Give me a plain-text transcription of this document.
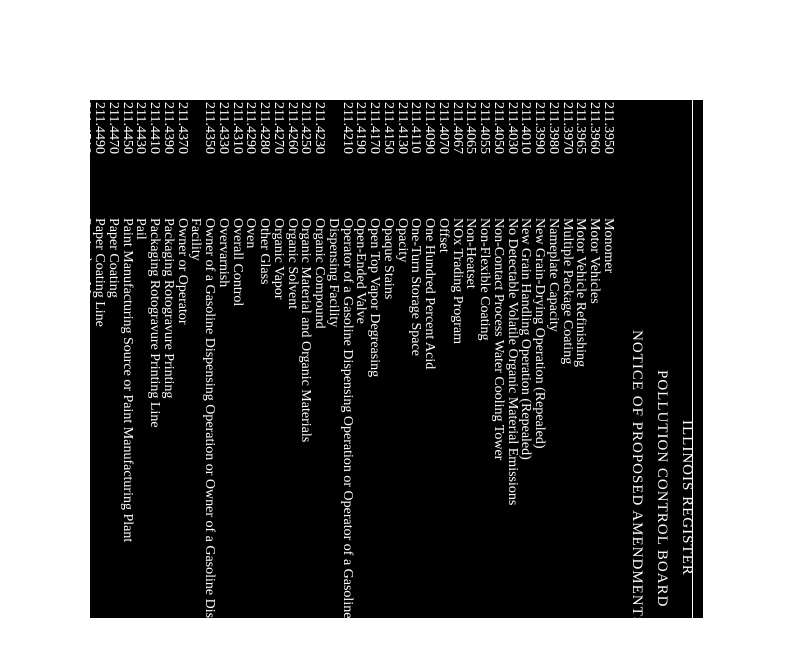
ILLINOIS REGISTER
POLLUTION CONTROL BOARD
NOTICE OF PROPOSED AMENDMENTS
211.3950
Monomer
211.3960
Motor Vehicles
211.3965
Motor Vehicle Refinishing
211.3970
Multiple Package Coating
211.3980
Nameplate Capacity
211.3990
New Grain-Drying Operation (Repealed)
211.4010
New Grain Handling Operation (Repealed)
211.4030
No Detectable Volatile Organic Material Emissions
211.4050
Non-Contact Process Water Cooling Tower
211.4055
Non-Flexible Coating
211.4065
Non-Heatset
211.4067
NOx Trading Program
211.4070
Offset
211.4090
One Hundred Percent Acid
211.4110
One-Turn Storage Space
211.4130
Opacity
211.4150
Opaque Stains
211.4170
Open Top Vapor Degreasing
211.4190
Open-Ended Valve
211.4210
Operator of a Gasoline Dispensing Operation or Operator of a Gasoline
Dispensing Facility
211.4230
Organic Compound
211.4250
Organic Material and Organic Materials
211.4260
Organic Solvent
211.4270
Organic Vapor
211.4280
Other Glass
211.4290
Oven
211.4310
Overall Control
211.4330
Overvarnish
211.4350
Owner of a Gasoline Dispensing Operation or Owner of a Gasoline Dispensing
Facility
211.4370
Owner or Operator
211.4390
Packaging Rotogravure Printing
211.4410
Packaging Rotogravure Printing Line
211.4430
Pail
211.4450
Paint Manufacturing Source or Paint Manufacturing Plant
211.4470
Paper Coating
211.4490
Paper Coating Line
211.4510
Particulate Matter
